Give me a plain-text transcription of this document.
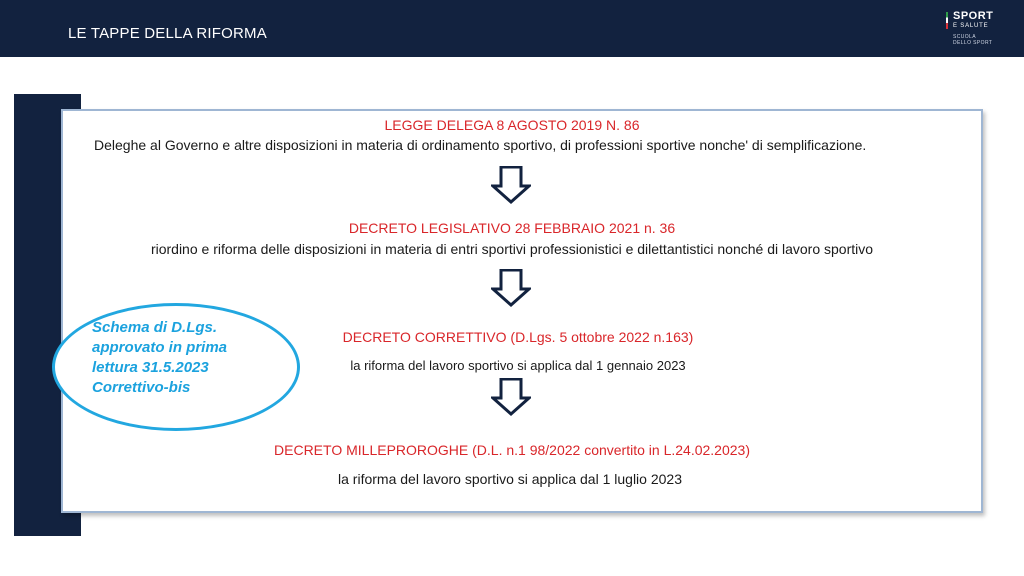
LE TAPPE DELLA RIFORMA
SPORT
E SALUTE
SCUOLA
DELLO SPORT
LEGGE DELEGA 8 AGOSTO 2019 N. 86
Deleghe al Governo e altre disposizioni in materia di ordinamento sportivo, di professioni sportive nonche' di semplificazione.
DECRETO LEGISLATIVO 28 FEBBRAIO 2021 n. 36
riordino e riforma delle disposizioni in materia di entri sportivi professionistici e dilettantistici nonché di lavoro sportivo
DECRETO CORRETTIVO (D.Lgs. 5 ottobre 2022 n.163)
la riforma del lavoro sportivo si applica dal 1 gennaio 2023
DECRETO MILLEPROROGHE (D.L. n.1 98/2022 convertito in L.24.02.2023)
la riforma del lavoro sportivo si applica dal 1 luglio 2023
Schema di D.Lgs.
approvato in prima
lettura 31.5.2023
Correttivo-bis
